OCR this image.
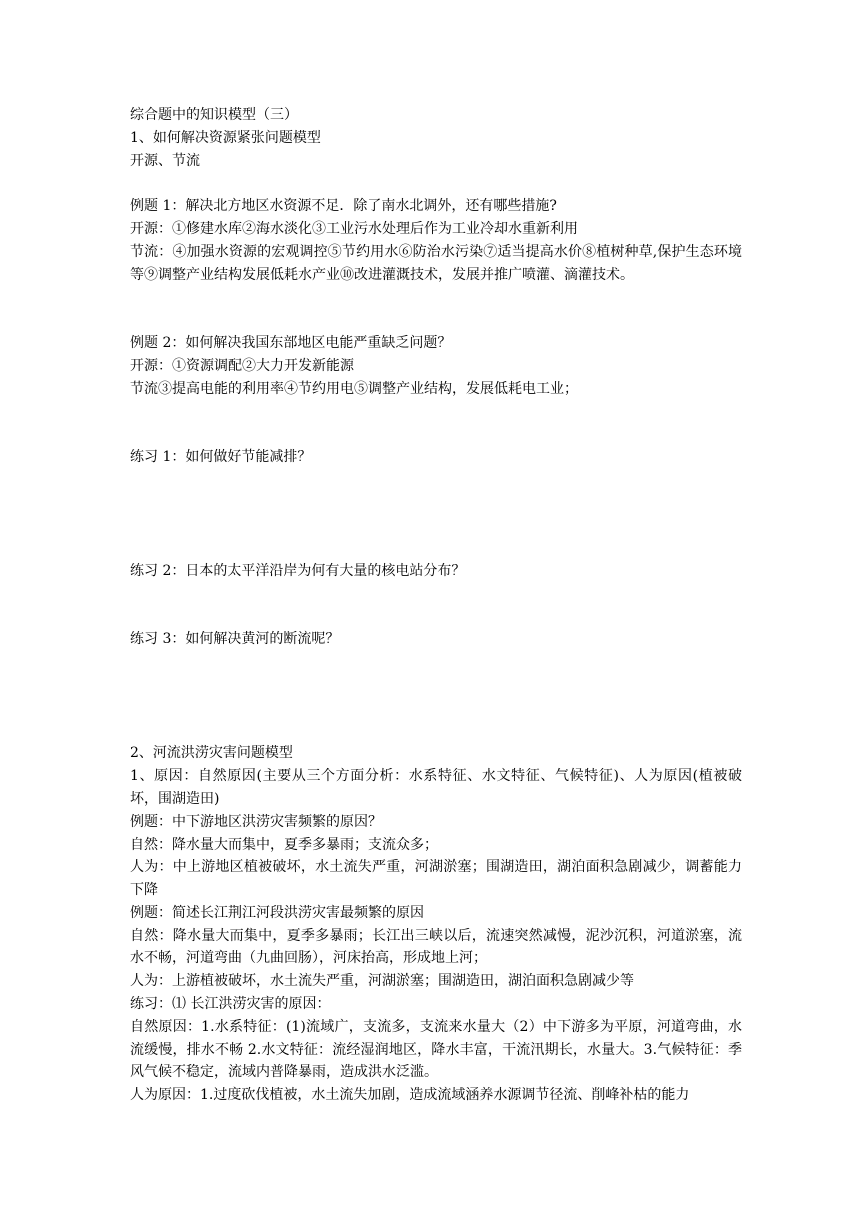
综合题中的知识模型（三）
1、如何解决资源紧张问题模型
开源、节流
例题 1：解决北方地区水资源不足．除了南水北调外，还有哪些措施?
开源：①修建水库②海水淡化③工业污水处理后作为工业冷却水重新利用
节流：④加强水资源的宏观调控⑤节约用水⑥防治水污染⑦适当提高水价⑧植树种草,保护生态环境等⑨调整产业结构发展低耗水产业⑩改进灌溉技术，发展并推广喷灌、滴灌技术。
例题 2：如何解决我国东部地区电能严重缺乏问题？
开源：①资源调配②大力开发新能源
节流③提高电能的利用率④节约用电⑤调整产业结构，发展低耗电工业；
练习 1：如何做好节能减排？
练习 2：日本的太平洋沿岸为何有大量的核电站分布？
练习 3：如何解决黄河的断流呢？
2、河流洪涝灾害问题模型
1、原因：自然原因(主要从三个方面分析：水系特征、水文特征、气候特征)、人为原因(植被破坏，围湖造田)
例题：中下游地区洪涝灾害频繁的原因？
自然：降水量大而集中，夏季多暴雨；支流众多；
人为：中上游地区植被破坏，水土流失严重，河湖淤塞；围湖造田，湖泊面积急剧减少，调蓄能力下降
例题：简述长江荆江河段洪涝灾害最频繁的原因
自然：降水量大而集中，夏季多暴雨；长江出三峡以后，流速突然减慢，泥沙沉积，河道淤塞，流水不畅，河道弯曲（九曲回肠），河床抬高，形成地上河；
人为：上游植被破坏，水土流失严重，河湖淤塞；围湖造田，湖泊面积急剧减少等
练习：⑴ 长江洪涝灾害的原因：
自然原因：1.水系特征：(1)流域广，支流多，支流来水量大（2）中下游多为平原，河道弯曲，水流缓慢，排水不畅 2.水文特征：流经湿润地区，降水丰富，干流汛期长，水量大。3.气候特征：季风气候不稳定，流域内普降暴雨，造成洪水泛滥。
人为原因：1.过度砍伐植被，水土流失加剧，造成流域涵养水源调节径流、削峰补枯的能力
